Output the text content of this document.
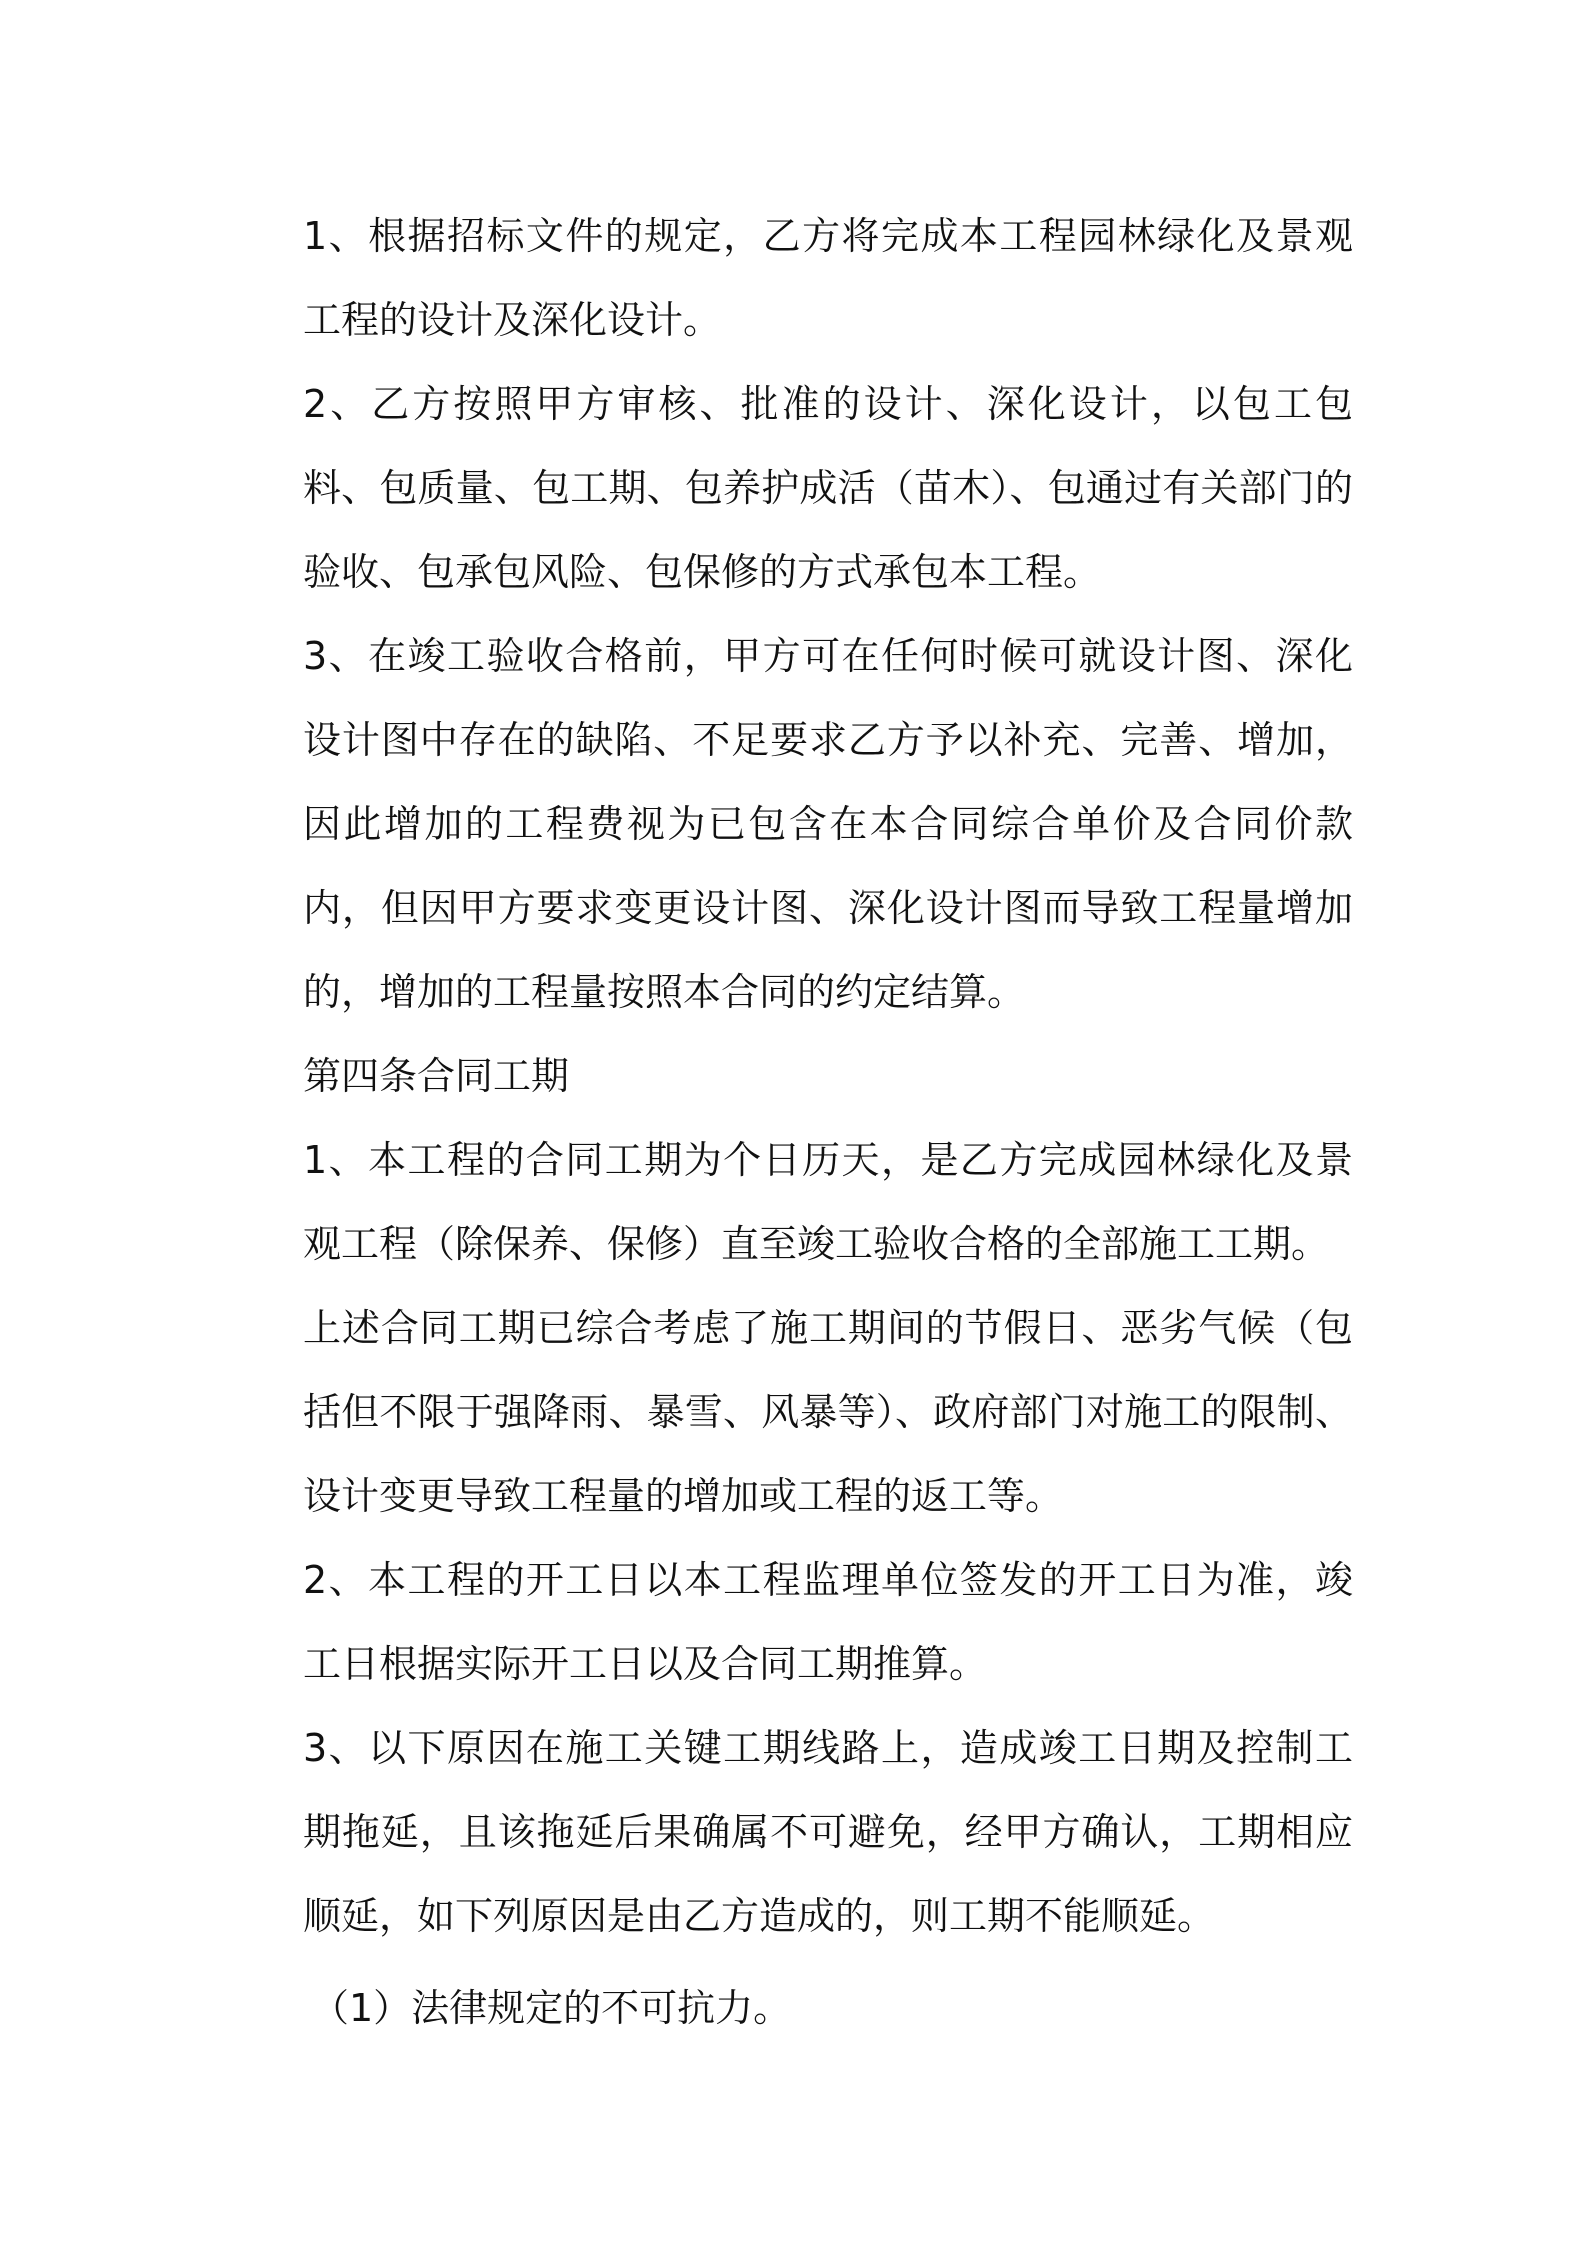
1、根据招标文件的规定，乙方将完成本工程园林绿化及景观工程的设计及深化设计。

2、乙方按照甲方审核、批准的设计、深化设计，以包工包料、包质量、包工期、包养护成活（苗木）、包通过有关部门的验收、包承包风险、包保修的方式承包本工程。

3、在竣工验收合格前，甲方可在任何时候可就设计图、深化设计图中存在的缺陷、不足要求乙方予以补充、完善、增加，因此增加的工程费视为已包含在本合同综合单价及合同价款内，但因甲方要求变更设计图、深化设计图而导致工程量增加的，增加的工程量按照本合同的约定结算。

第四条合同工期

1、本工程的合同工期为个日历天，是乙方完成园林绿化及景观工程（除保养、保修）直至竣工验收合格的全部施工工期。

上述合同工期已综合考虑了施工期间的节假日、恶劣气候（包括但不限于强降雨、暴雪、风暴等）、政府部门对施工的限制、设计变更导致工程量的增加或工程的返工等。

2、本工程的开工日以本工程监理单位签发的开工日为准，竣工日根据实际开工日以及合同工期推算。

3、以下原因在施工关键工期线路上，造成竣工日期及控制工期拖延，且该拖延后果确属不可避免，经甲方确认，工期相应顺延，如下列原因是由乙方造成的，则工期不能顺延。

（1）法律规定的不可抗力。
